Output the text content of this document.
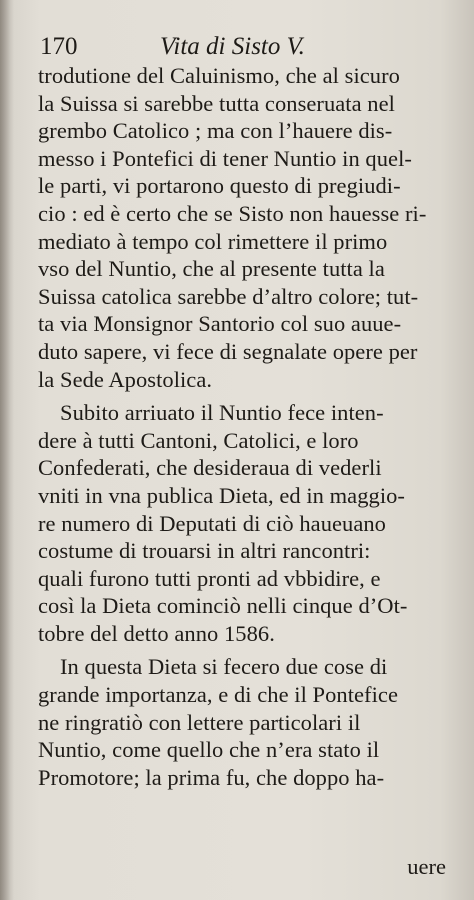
170	Vita di Sisto V.
trodutione del Caluinismo, che al sicuro
la Suissa si sarebbe tutta conseruata nel
grembo Catolico ; ma con l’hauere dis-
messo i Pontefici di tener Nuntio in quel-
le parti, vi portarono questo di pregiudi-
cio : ed è certo che se Sisto non hauesse ri-
mediato à tempo col rimettere il primo
vso del Nuntio, che al presente tutta la
Suissa catolica sarebbe d’altro colore; tut-
ta via Monsignor Santorio col suo auue-
duto sapere, vi fece di segnalate opere per
la Sede Apostolica.
Subito arriuato il Nuntio fece inten-
dere à tutti Cantoni, Catolici, e loro
Confederati, che desideraua di vederli
vniti in vna publica Dieta, ed in maggio-
re numero di Deputati di ciò haueuano
costume di trouarsi in altri rancontri:
quali furono tutti pronti ad vbbidire, e
così la Dieta cominciò nelli cinque d’Ot-
tobre del detto anno 1586.
In questa Dieta si fecero due cose di
grande importanza, e di che il Pontefice
ne ringratiò con lettere particolari il
Nuntio, come quello che n’era stato il
Promotore; la prima fu, che doppo ha-
uere
